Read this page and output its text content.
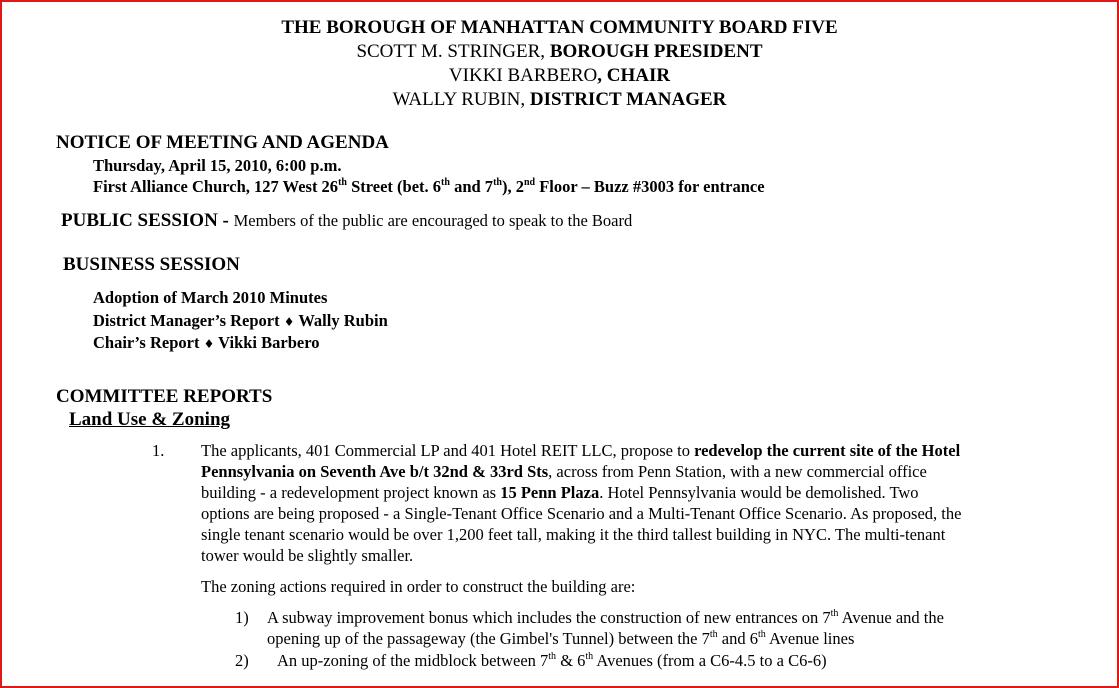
THE BOROUGH OF MANHATTAN COMMUNITY BOARD FIVE
SCOTT M. STRINGER, BOROUGH PRESIDENT
VIKKI BARBERO, CHAIR
WALLY RUBIN, DISTRICT MANAGER
NOTICE OF MEETING AND AGENDA
Thursday, April 15, 2010, 6:00 p.m.
First Alliance Church, 127 West 26th Street (bet. 6th and 7th), 2nd Floor – Buzz #3003 for entrance
PUBLIC SESSION - Members of the public are encouraged to speak to the Board
BUSINESS SESSION
Adoption of March 2010 Minutes
District Manager’s Report ♦ Wally Rubin
Chair’s Report ♦ Vikki Barbero
COMMITTEE REPORTS
Land Use & Zoning
1. The applicants, 401 Commercial LP and 401 Hotel REIT LLC, propose to redevelop the current site of the Hotel
Pennsylvania on Seventh Ave b/t 32nd & 33rd Sts, across from Penn Station, with a new commercial office
building - a redevelopment project known as 15 Penn Plaza. Hotel Pennsylvania would be demolished. Two
options are being proposed - a Single-Tenant Office Scenario and a Multi-Tenant Office Scenario. As proposed, the
single tenant scenario would be over 1,200 feet tall, making it the third tallest building in NYC. The multi-tenant
tower would be slightly smaller.
The zoning actions required in order to construct the building are:
1) A subway improvement bonus which includes the construction of new entrances on 7th Avenue and the
opening up of the passageway (the Gimbel's Tunnel) between the 7th and 6th Avenue lines
2) An up-zoning of the midblock between 7th & 6th Avenues (from a C6-4.5 to a C6-6)
